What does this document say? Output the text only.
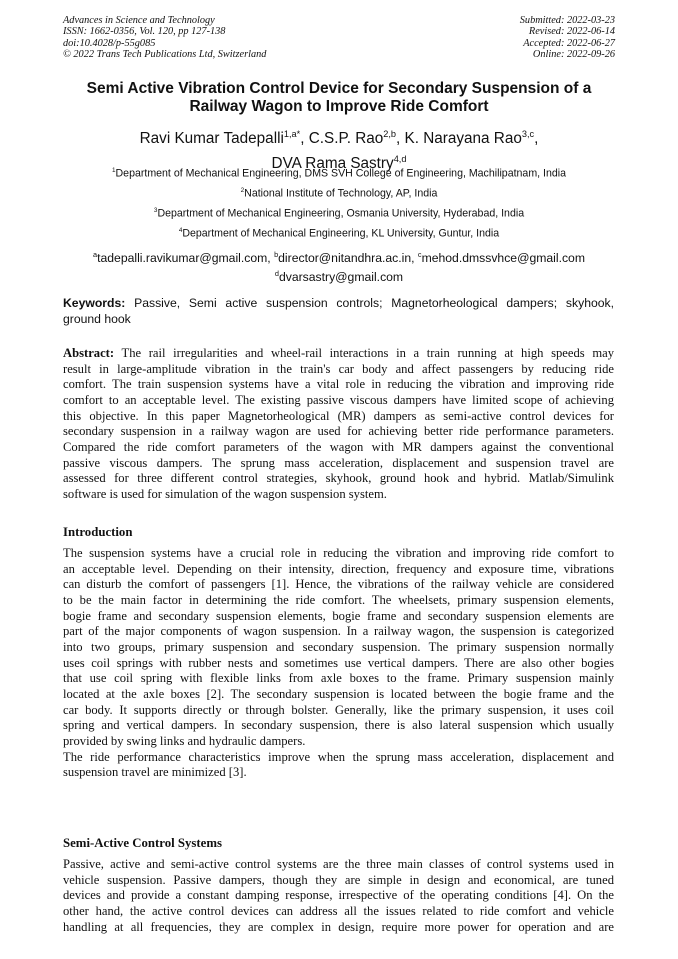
Advances in Science and Technology
ISSN: 1662-0356, Vol. 120, pp 127-138
doi:10.4028/p-55g085
© 2022 Trans Tech Publications Ltd, Switzerland
Submitted: 2022-03-23
Revised: 2022-06-14
Accepted: 2022-06-27
Online: 2022-09-26
Semi Active Vibration Control Device for Secondary Suspension of a
Railway Wagon to Improve Ride Comfort
Ravi Kumar Tadepalli$^{1,a*}$, C.S.P. Rao$^{2,b}$, K. Narayana Rao$^{3,c}$,
DVA Rama Sastry$^{4,d}$
$^1$Department of Mechanical Engineering, DMS SVH College of Engineering, Machilipatnam, India
$^2$National Institute of Technology, AP, India
$^3$Department of Mechanical Engineering, Osmania University, Hyderabad, India
$^4$Department of Mechanical Engineering, KL University, Guntur, India
$^a$tadepalli.ravikumar@gmail.com, $^b$director@nitandhra.ac.in, $^c$mehod.dmssvhce@gmail.com
$^d$dvarsastry@gmail.com
Keywords: Passive, Semi active suspension controls; Magnetorheological dampers; skyhook,
ground hook
Abstract: The rail irregularities and wheel-rail interactions in a train running at high speeds may
result in large-amplitude vibration in the train's car body and affect passengers by reducing ride
comfort. The train suspension systems have a vital role in reducing the vibration and improving ride
comfort to an acceptable level. The existing passive viscous dampers have limited scope of achieving
this objective. In this paper Magnetorheological (MR) dampers as semi-active control devices for
secondary suspension in a railway wagon are used for achieving better ride performance parameters.
Compared the ride comfort parameters of the wagon with MR dampers against the conventional
passive viscous dampers. The sprung mass acceleration, displacement and suspension travel are
assessed for three different control strategies, skyhook, ground hook and hybrid. Matlab/Simulink
software is used for simulation of the wagon suspension system.
Introduction
The suspension systems have a crucial role in reducing the vibration and improving ride comfort to
an acceptable level. Depending on their intensity, direction, frequency and exposure time, vibrations
can disturb the comfort of passengers [1]. Hence, the vibrations of the railway vehicle are considered
to be the main factor in determining the ride comfort. The wheelsets, primary suspension elements,
bogie frame and secondary suspension elements, bogie frame and secondary suspension elements are
part of the major components of wagon suspension. In a railway wagon, the suspension is categorized
into two groups, primary suspension and secondary suspension. The primary suspension normally
uses coil springs with rubber nests and sometimes use vertical dampers. There are also other bogies
that use coil spring with flexible links from axle boxes to the frame. Primary suspension mainly
located at the axle boxes [2]. The secondary suspension is located between the bogie frame and the
car body. It supports directly or through bolster. Generally, like the primary suspension, it uses coil
spring and vertical dampers. In secondary suspension, there is also lateral suspension which usually
provided by swing links and hydraulic dampers.
The ride performance characteristics improve when the sprung mass acceleration, displacement and
suspension travel are minimized [3].
Semi-Active Control Systems
Passive, active and semi-active control systems are the three main classes of control systems used in
vehicle suspension. Passive dampers, though they are simple in design and economical, are tuned
devices and provide a constant damping response, irrespective of the operating conditions [4]. On the
other hand, the active control devices can address all the issues related to ride comfort and vehicle
handling at all frequencies, they are complex in design, require more power for operation and are
